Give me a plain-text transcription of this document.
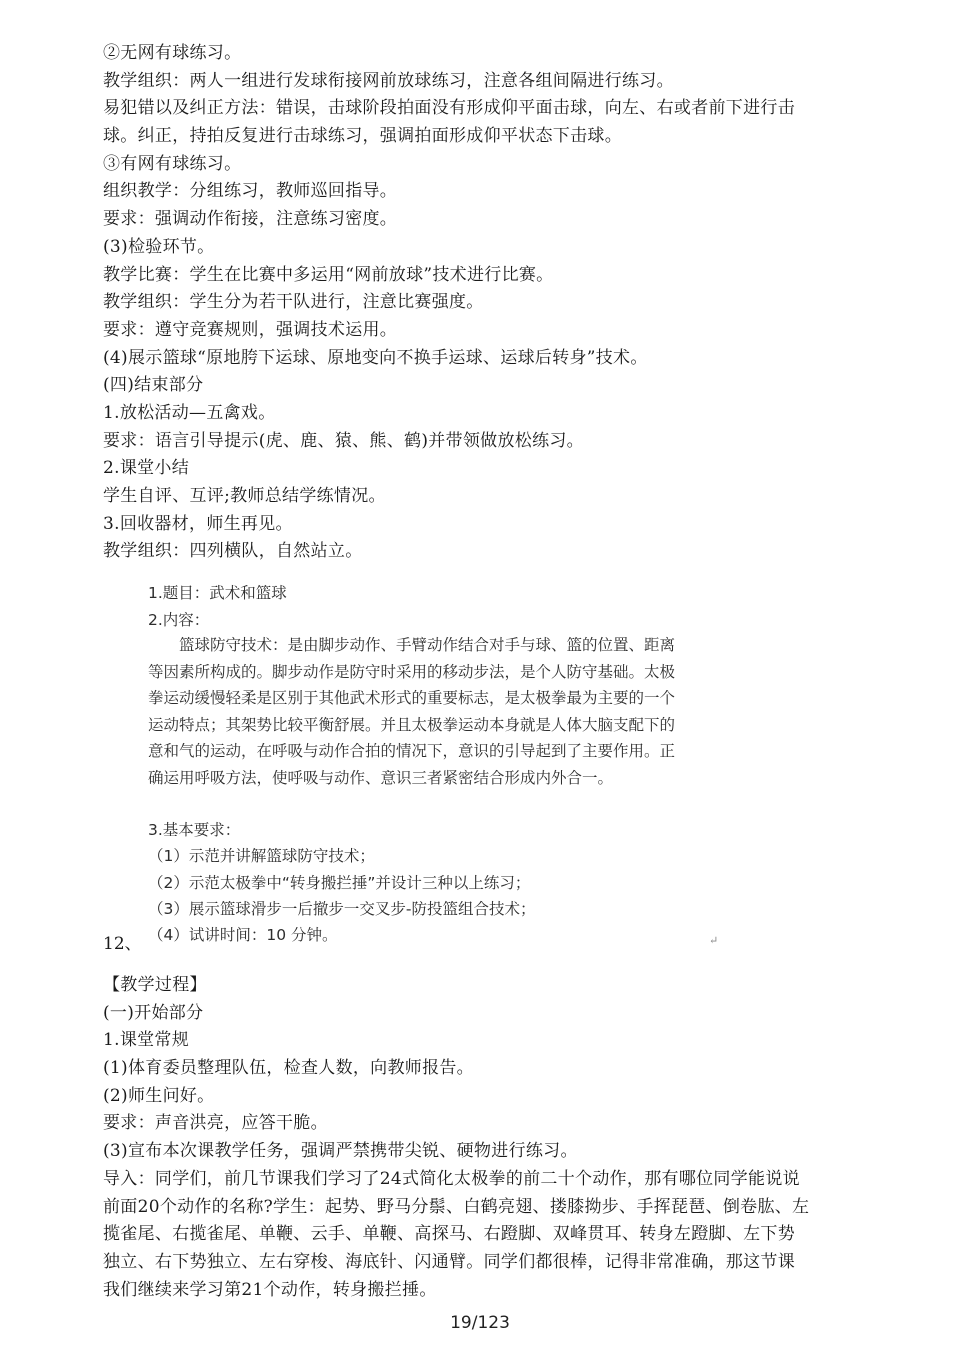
②无网有球练习。
教学组织：两人一组进行发球衔接网前放球练习，注意各组间隔进行练习。
易犯错以及纠正方法：错误，击球阶段拍面没有形成仰平面击球，向左、右或者前下进行击
球。纠正，持拍反复进行击球练习，强调拍面形成仰平状态下击球。
③有网有球练习。
组织教学：分组练习，教师巡回指导。
要求：强调动作衔接，注意练习密度。
(3)检验环节。
教学比赛：学生在比赛中多运用“网前放球”技术进行比赛。
教学组织：学生分为若干队进行，注意比赛强度。
要求：遵守竞赛规则，强调技术运用。
(4)展示篮球“原地胯下运球、原地变向不换手运球、运球后转身”技术。
(四)结束部分
1.放松活动—五禽戏。
要求：语言引导提示(虎、鹿、猿、熊、鹤)并带领做放松练习。
2.课堂小结
学生自评、互评;教师总结学练情况。
3.回收器材，师生再见。
教学组织：四列横队，自然站立。
1.题目：武术和篮球
2.内容：
　　篮球防守技术：是由脚步动作、手臂动作结合对手与球、篮的位置、距离
等因素所构成的。脚步动作是防守时采用的移动步法，是个人防守基础。太极
拳运动缓慢轻柔是区别于其他武术形式的重要标志，是太极拳最为主要的一个
运动特点；其架势比较平衡舒展。并且太极拳运动本身就是人体大脑支配下的
意和气的运动，在呼吸与动作合拍的情况下，意识的引导起到了主要作用。正
确运用呼吸方法，使呼吸与动作、意识三者紧密结合形成内外合一。
3.基本要求：
（1）示范并讲解篮球防守技术；
（2）示范太极拳中“转身搬拦捶”并设计三种以上练习；
（3）展示篮球滑步一后撤步一交叉步-防投篮组合技术；
（4）试讲时间：10 分钟。
12、	↵
【教学过程】
(一)开始部分
1.课堂常规
(1)体育委员整理队伍，检查人数，向教师报告。
(2)师生问好。
要求：声音洪亮，应答干脆。
(3)宣布本次课教学任务，强调严禁携带尖锐、硬物进行练习。
导入：同学们，前几节课我们学习了24式简化太极拳的前二十个动作，那有哪位同学能说说
前面20个动作的名称?学生：起势、野马分鬃、白鹤亮翅、搂膝拗步、手挥琵琶、倒卷肱、左
揽雀尾、右揽雀尾、单鞭、云手、单鞭、高探马、右蹬脚、双峰贯耳、转身左蹬脚、左下势
独立、右下势独立、左右穿梭、海底针、闪通臂。同学们都很棒，记得非常准确，那这节课
我们继续来学习第21个动作，转身搬拦捶。
19/123
